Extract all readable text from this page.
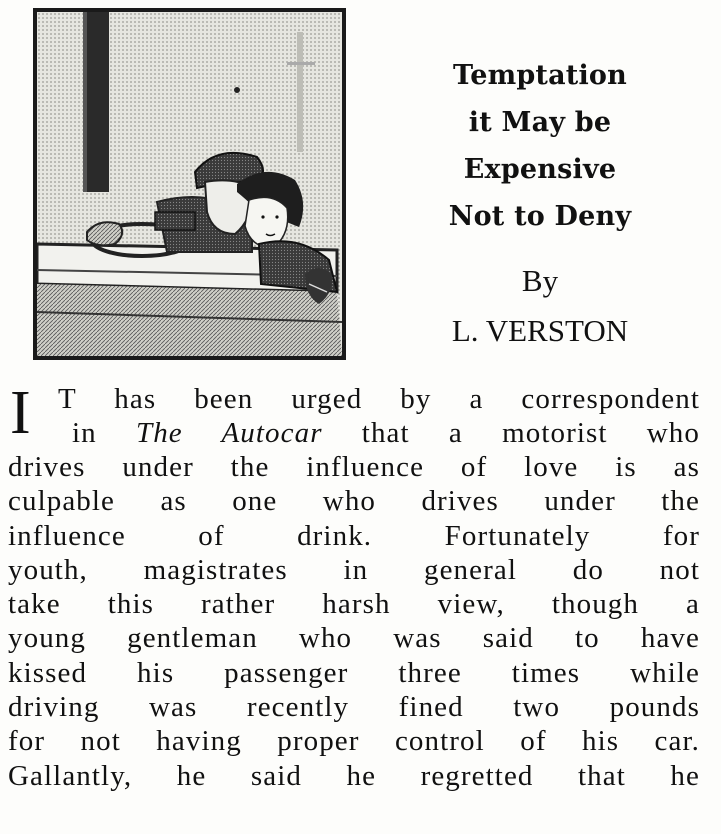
Temptation
it May be
Expensive
Not to Deny
By
L. VERSTON
I T has been urged by a correspondent
in The Autocar that a motorist who
drives under the influence of love is as
culpable as one who drives under the
influence of drink. Fortunately for
youth, magistrates in general do not
take this rather harsh view, though a
young gentleman who was said to have
kissed his passenger three times while
driving was recently fined two pounds
for not having proper control of his car.
Gallantly, he said he regretted that he
